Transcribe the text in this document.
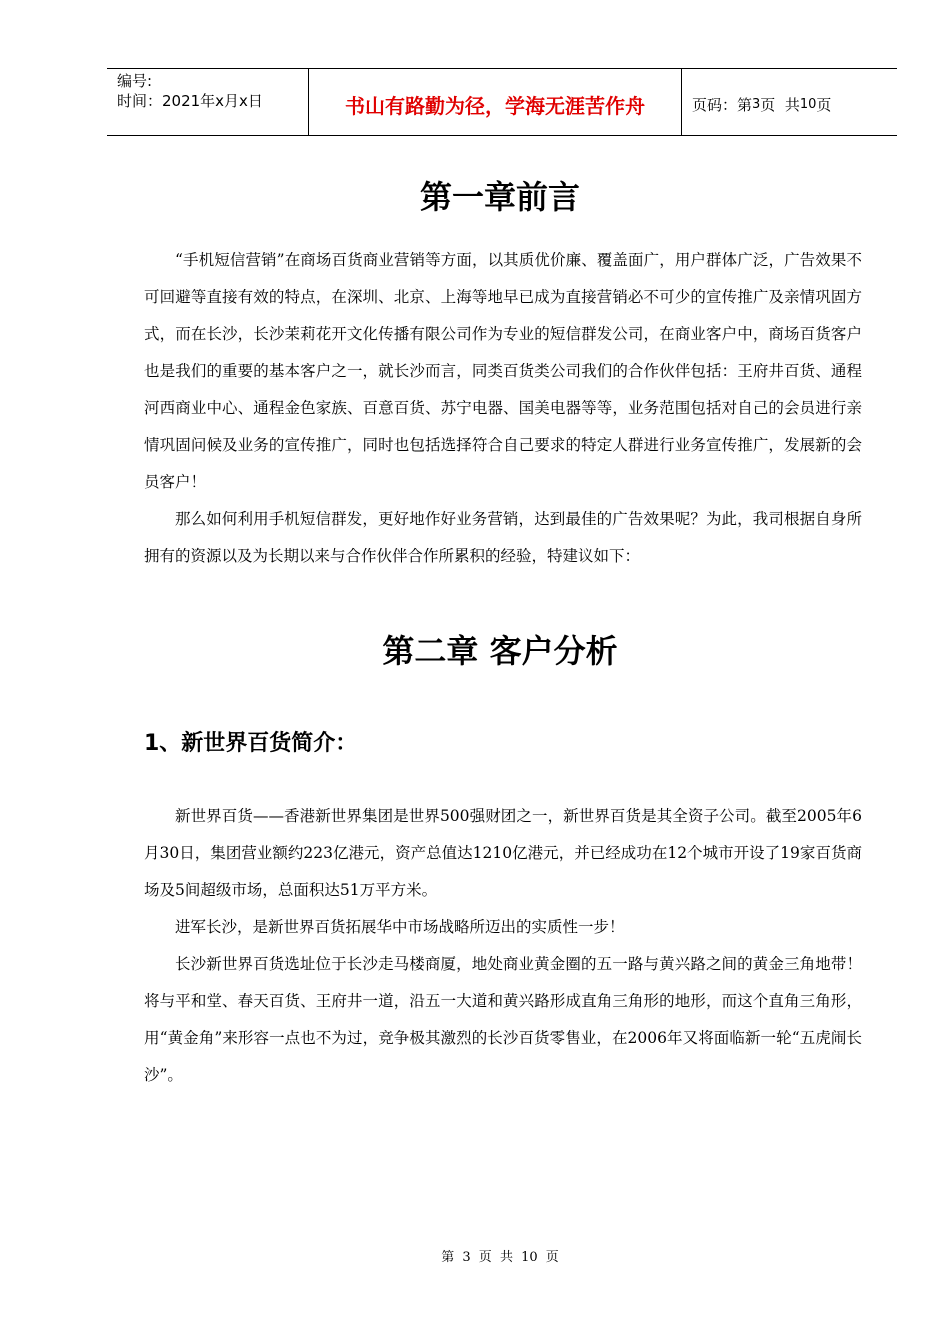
编号:
时间：2021年x月x日	书山有路勤为径，学海无涯苦作舟	页码：第 3 页  共 10 页
第一章前言

“手机短信营销”在商场百货商业营销等方面，以其质优价廉、覆盖面广，用户群体广泛，广告效果不可回避等直接有效的特点，在深圳、北京、上海等地早已成为直接营销必不可少的宣传推广及亲情巩固方式，而在长沙，长沙茉莉花开文化传播有限公司作为专业的短信群发公司，在商业客户中，商场百货客户也是我们的重要的基本客户之一，就长沙而言，同类百货类公司我们的合作伙伴包括：王府井百货、通程河西商业中心、通程金色家族、百意百货、苏宁电器、国美电器等等，业务范围包括对自己的会员进行亲情巩固问候及业务的宣传推广，同时也包括选择符合自己要求的特定人群进行业务宣传推广，发展新的会员客户！

那么如何利用手机短信群发，更好地作好业务营销，达到最佳的广告效果呢？为此，我司根据自身所拥有的资源以及为长期以来与合作伙伴合作所累积的经验，特建议如下：

第二章 客户分析
1、新世界百货简介：

新世界百货——香港新世界集团是世界500强财团之一，新世界百货是其全资子公司。截至2005年6月30日，集团营业额约223亿港元，资产总值达1210亿港元，并已经成功在12个城市开设了19家百货商场及5间超级市场，总面积达51万平方米。

进军长沙，是新世界百货拓展华中市场战略所迈出的实质性一步！

长沙新世界百货选址位于长沙走马楼商厦，地处商业黄金圈的五一路与黄兴路之间的黄金三角地带！将与平和堂、春天百货、王府井一道，沿五一大道和黄兴路形成直角三角形的地形，而这个直角三角形，用“黄金角”来形容一点也不为过，竞争极其激烈的长沙百货零售业，在2006年又将面临新一轮“五虎闹长沙”。

第 3 页 共 10 页
